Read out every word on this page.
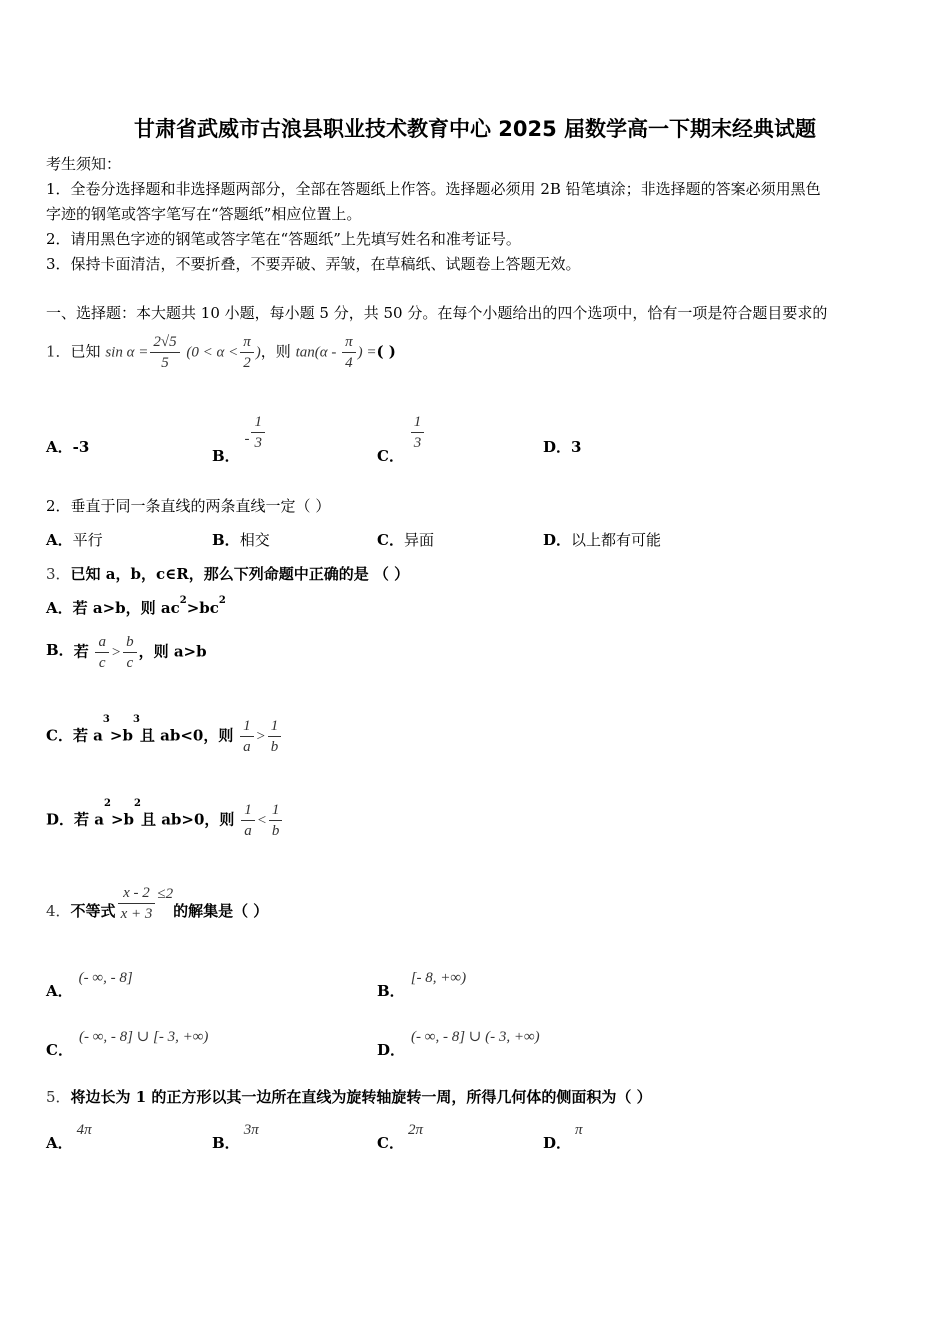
甘肃省武威市古浪县职业技术教育中心 2025 届数学高一下期末经典试题
考生须知：
1．全卷分选择题和非选择题两部分，全部在答题纸上作答。选择题必须用 2B 铅笔填涂；非选择题的答案必须用黑色
字迹的钢笔或答字笔写在“答题纸”相应位置上。
2．请用黑色字迹的钢笔或答字笔在“答题纸”上先填写姓名和准考证号。
3．保持卡面清洁，不要折叠，不要弄破、弄皱，在草稿纸、试题卷上答题无效。
一、选择题：本大题共 10 小题，每小题 5 分，共 50 分。在每个小题给出的四个选项中，恰有一项是符合题目要求的
1．已知 $\sin \alpha = \frac{2√5}{5} (0 < \alpha < \frac{\pi}{2}$ )，则 $\tan(\alpha - \frac{\pi}{4}$ ) =( )
A．-3	B． - $\frac{1}{3}$
C．
$\frac{1}{3}$	D．3
2．垂直于同一条直线的两条直线一定（ ）
A．平行	B．相交	C．异面	D．以上都有可能
3．已知 a，b，c∈R，那么下列命题中正确的是 （ ）
A．若 a>b，则 $ac^2>bc^2$
B．若 $\frac{a}{c} > \frac{b}{c}$ ，则 a>b
C．若 $a^3>b^3$且 ab<0，则 $\frac{1}{a} > \frac{1}{b}$
D．若 $a^2>b^2$且 ab>0，则 $\frac{1}{a} < \frac{1}{b}$
4．不等式 $\frac{x - 2}{x + 3} \le 2$的解集是（ ）
A．(- ∞, - 8]
B．[- 8, +∞)
C．(- ∞, - 8] ∪ [- 3, +∞)
D．(- ∞, - 8] ∪ (- 3, +∞)
5．将边长为 1 的正方形以其一边所在直线为旋转轴旋转一周，所得几何体的侧面积为（ ）
A．4π
B．3π
C．2π
D．π
